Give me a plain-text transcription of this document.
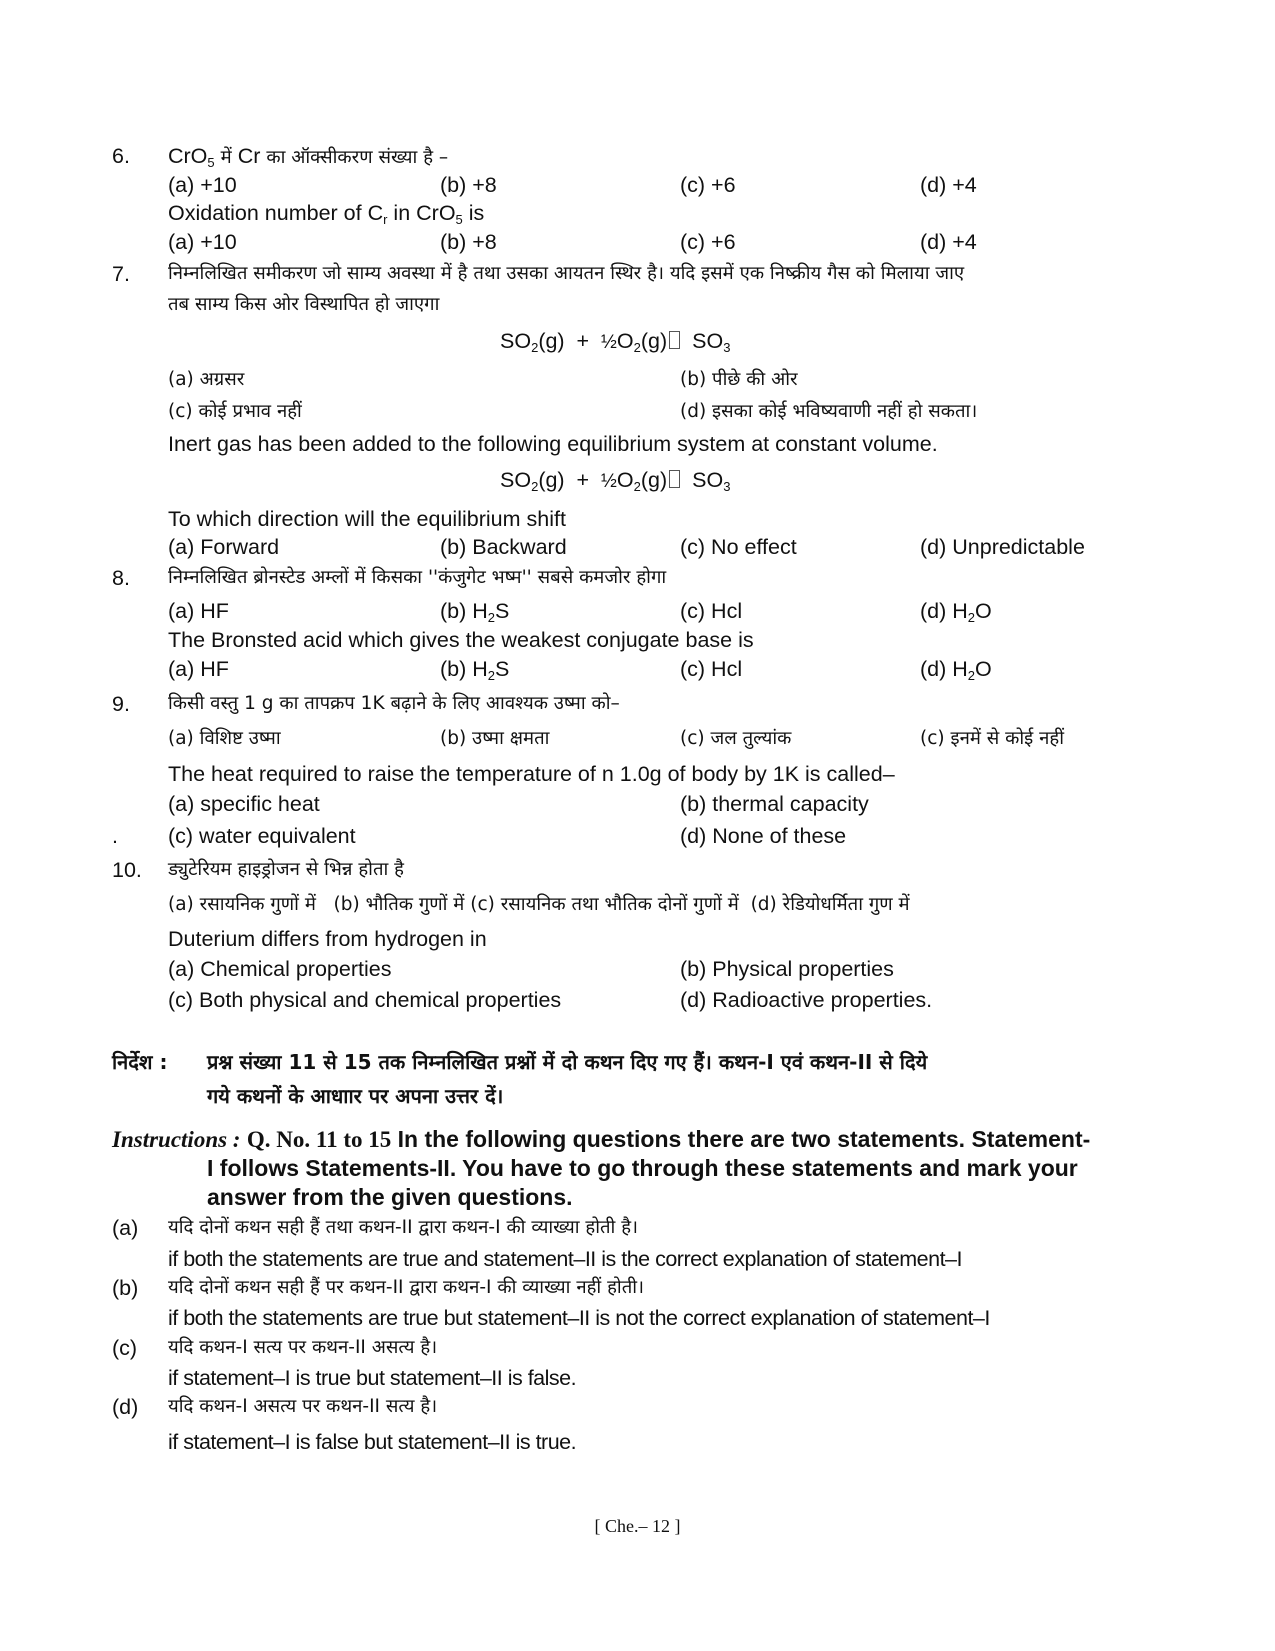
6. CrO$_5$ में Cr का ऑक्सीकरण संख्या है –
(a) +10	(b) +8	(c) +6	(d) +4
Oxidation number of $C_r$ in CrO$_5$ is
(a) +10	(b) +8	(c) +6	(d) +4
7. निम्नलिखित समीकरण जो साम्य अवस्था में है तथा उसका आयतन स्थिर है। यदि इसमें एक निष्क्रीय गैस को मिलाया जाए
तब साम्य किस ओर विस्थापित हो जाएगा
$SO_2(g)$  +  $\frac{1}{2}O_2(g)$ $SO_3$
(a) अग्रसर	(b) पीछे की ओर
(c) कोई प्रभाव नहीं	(d) इसका कोई भविष्यवाणी नहीं हो सकता।
Inert gas has been added to the following equilibrium system at constant volume.
$SO_2(g)$  +  $\frac{1}{2}O_2(g)$ $SO_3$
To which direction will the equilibrium shift
(a) Forward	(b) Backward	(c) No effect	(d) Unpredictable
8. निम्नलिखित ब्रोनस्टेड अम्लों में किसका ''कंजुगेट भष्म'' सबसे कमजोर होगा
(a) HF	(b) $H_2S$	(c) Hcl	(d) $H_2O$
The Bronsted acid which gives the weakest conjugate base is
(a) HF	(b) $H_2S$	(c) Hcl	(d) $H_2O$
9. किसी वस्तु 1 g का तापक्रप 1K बढ़ाने के लिए आवश्यक उष्मा को–
(a) विशिष्ट उष्मा	(b) उष्मा क्षमता	(c) जल तुल्यांक	(c) इनमें से कोई नहीं
The heat required to raise the temperature of n 1.0g of body by 1K is called–
(a) specific heat	(b) thermal capacity
. (c) water equivalent	(d) None of these
10. ड्युटेरियम हाइड्रोजन से भिन्न होता है
(a) रसायनिक गुणों में   (b) भौतिक गुणों में (c) रसायनिक तथा भौतिक दोनों गुणों में  (d) रेडियोधर्मिता गुण में
Duterium differs from hydrogen in
(a) Chemical properties	(b) Physical properties
(c) Both physical and chemical properties	(d) Radioactive properties.
निर्देश : प्रश्न संख्या 11 से 15 तक निम्नलिखित प्रश्नों में दो कथन दिए गए हैं। कथन-I एवं कथन-II से दिये
गये कथनों के आधाार पर अपना उत्तर दें।
Instructions : Q. No. 11 to 15 In the following questions there are two statements. Statement-
I follows Statements-II. You have to go through these statements and mark your
answer from the given questions.
(a) यदि दोनों कथन सही हैं तथा कथन-II द्वारा कथन-I की व्याख्या होती है।
if both the statements are true and statement–II is the correct explanation of statement–I
(b) यदि दोनों कथन सही हैं पर कथन-II द्वारा कथन-I की व्याख्या नहीं होती।
if both the statements are true but statement–II is not the correct explanation of statement–I
(c) यदि कथन-I सत्य पर कथन-II असत्य है।
if statement–I is true but statement–II is false.
(d) यदि कथन-I असत्य पर कथन-II सत्य है।
if statement–I is false but statement–II is true.
[ Che.– 12 ]
